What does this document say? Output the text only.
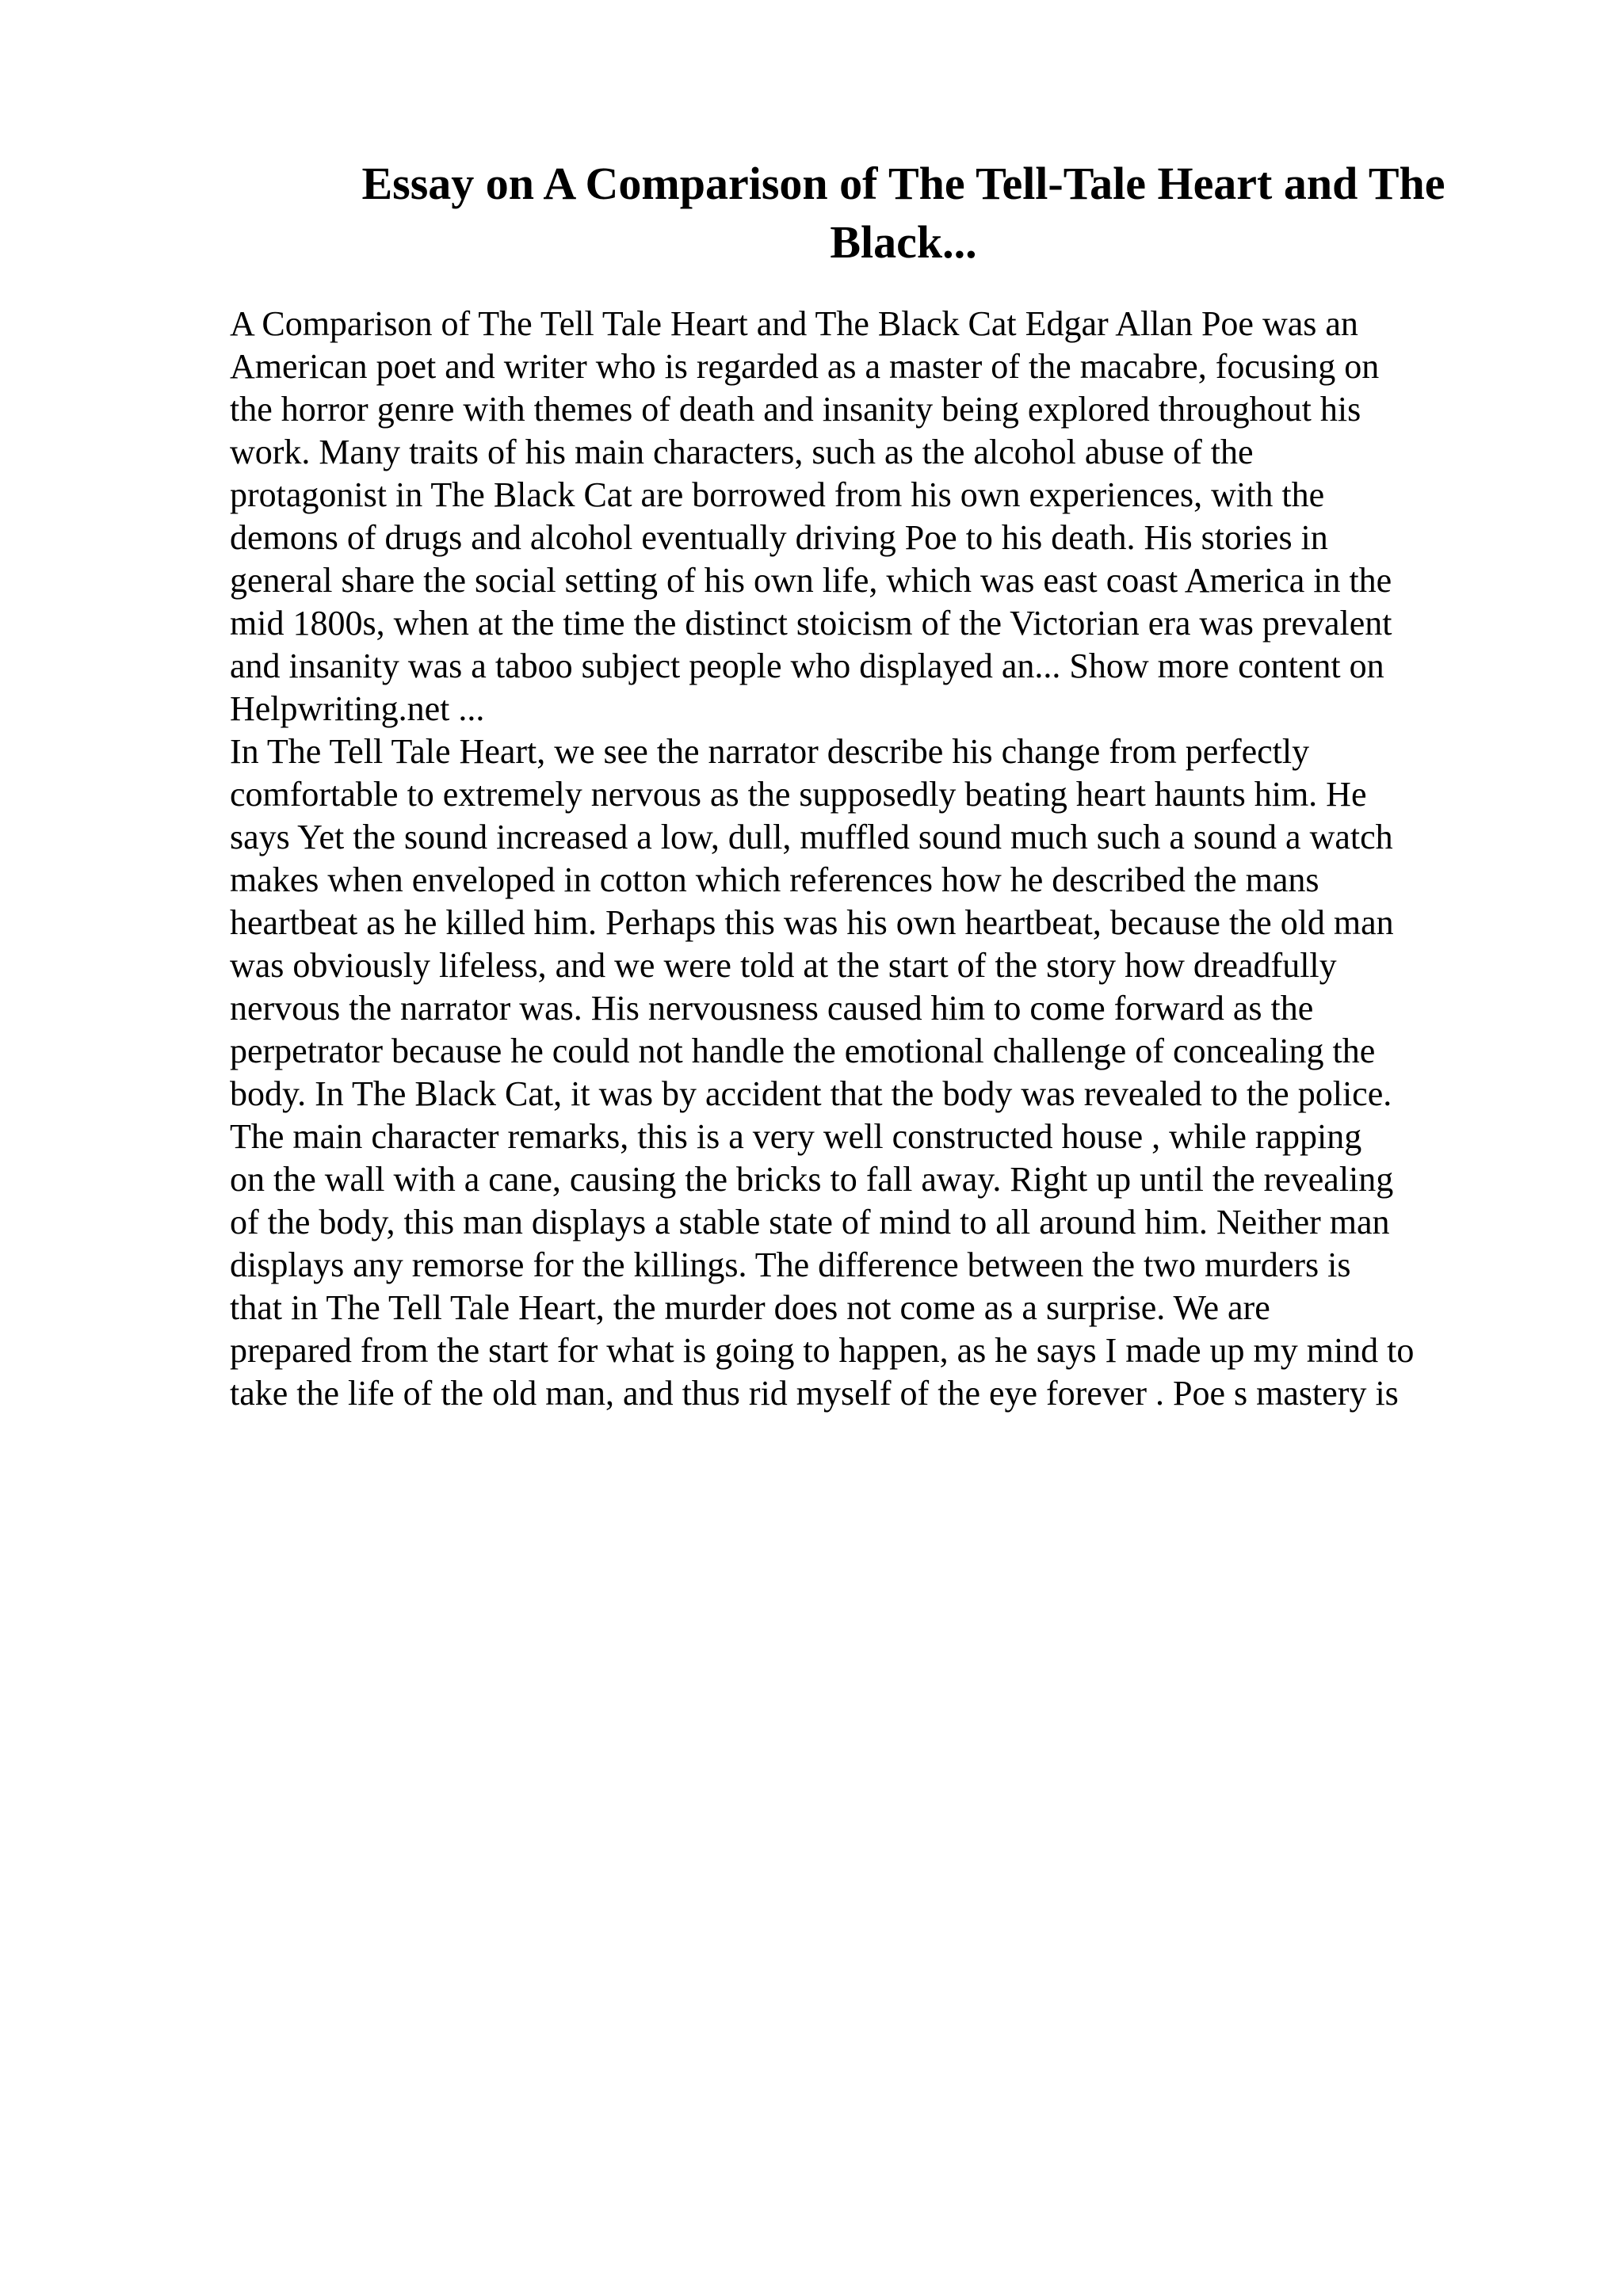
Essay on A Comparison of The Tell-Tale Heart and The
Black...
A Comparison of The Tell Tale Heart and The Black Cat Edgar Allan Poe was an
American poet and writer who is regarded as a master of the macabre, focusing on
the horror genre with themes of death and insanity being explored throughout his
work. Many traits of his main characters, such as the alcohol abuse of the
protagonist in The Black Cat are borrowed from his own experiences, with the
demons of drugs and alcohol eventually driving Poe to his death. His stories in
general share the social setting of his own life, which was east coast America in the
mid 1800s, when at the time the distinct stoicism of the Victorian era was prevalent
and insanity was a taboo subject people who displayed an... Show more content on
Helpwriting.net ...
In The Tell Tale Heart, we see the narrator describe his change from perfectly
comfortable to extremely nervous as the supposedly beating heart haunts him. He
says Yet the sound increased a low, dull, muffled sound much such a sound a watch
makes when enveloped in cotton which references how he described the mans
heartbeat as he killed him. Perhaps this was his own heartbeat, because the old man
was obviously lifeless, and we were told at the start of the story how dreadfully
nervous the narrator was. His nervousness caused him to come forward as the
perpetrator because he could not handle the emotional challenge of concealing the
body. In The Black Cat, it was by accident that the body was revealed to the police.
The main character remarks, this is a very well constructed house , while rapping
on the wall with a cane, causing the bricks to fall away. Right up until the revealing
of the body, this man displays a stable state of mind to all around him. Neither man
displays any remorse for the killings. The difference between the two murders is
that in The Tell Tale Heart, the murder does not come as a surprise. We are
prepared from the start for what is going to happen, as he says I made up my mind to
take the life of the old man, and thus rid myself of the eye forever . Poe s mastery is
